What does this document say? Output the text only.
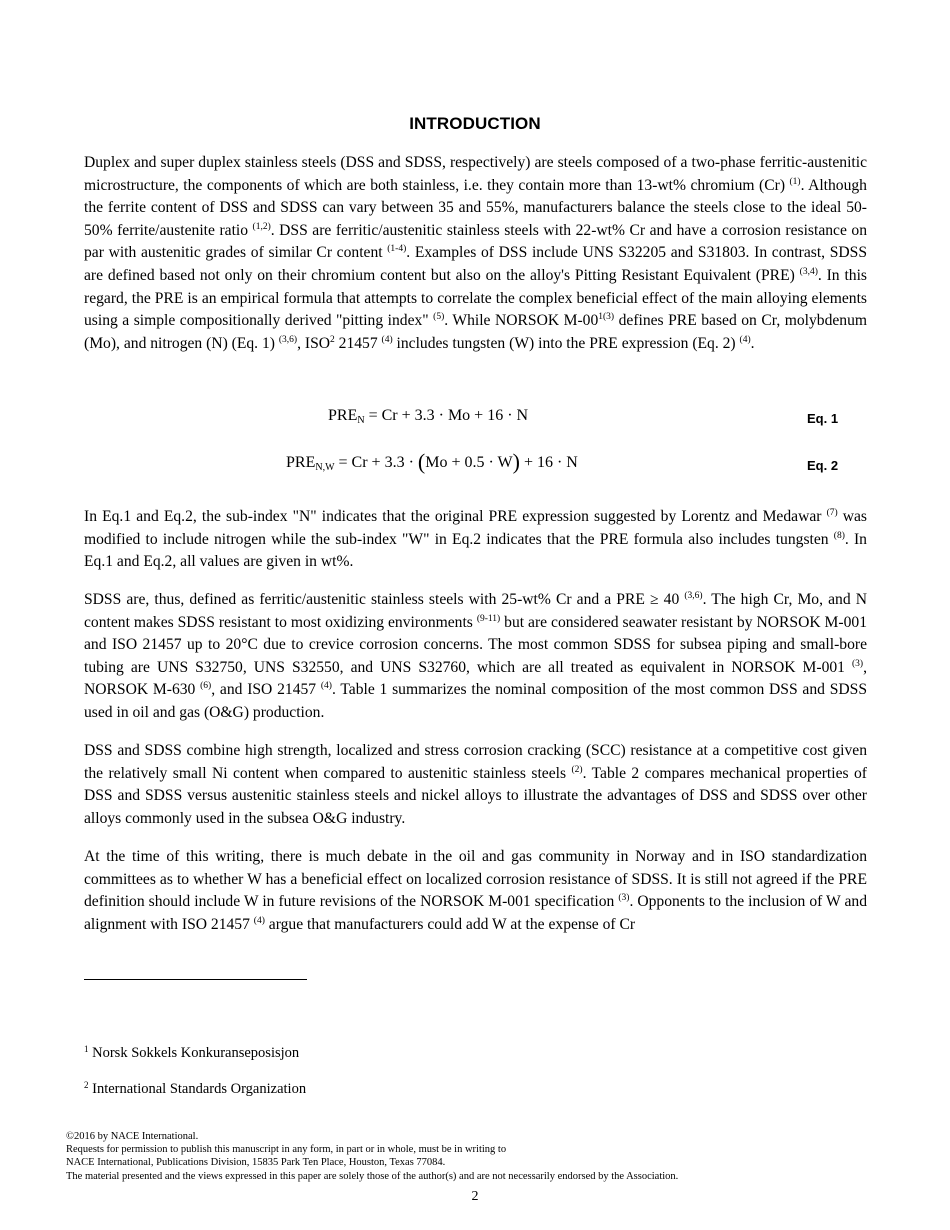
INTRODUCTION

Duplex and super duplex stainless steels (DSS and SDSS, respectively) are steels composed of a two-phase ferritic-austenitic microstructure, the components of which are both stainless, i.e. they contain more than 13-wt% chromium (Cr) $^{(1)}$. Although the ferrite content of DSS and SDSS can vary between 35 and 55%, manufacturers balance the steels close to the ideal 50-50% ferrite/austenite ratio $^{(1,2)}$. DSS are ferritic/austenitic stainless steels with 22-wt% Cr and have a corrosion resistance on par with austenitic grades of similar Cr content $^{(1-4)}$. Examples of DSS include UNS S32205 and S31803. In contrast, SDSS are defined based not only on their chromium content but also on the alloy's Pitting Resistant Equivalent (PRE) $^{(3,4)}$. In this regard, the PRE is an empirical formula that attempts to correlate the complex beneficial effect of the main alloying elements using a simple compositionally derived "pitting index" $^{(5)}$. While NORSOK $M-00^{1(3)}$ defines PRE based on Cr, molybdenum (Mo), and nitrogen (N) (Eq. 1) $^{(3,6)}$, ISO$^2$ 21457 $^{(4)}$ includes tungsten (W) into the PRE expression (Eq. 2) $^{(4)}$.

$PRE_N = Cr + 3.3 \cdot Mo + 16 \cdot N$	Eq. 1
$PRE_{N,W} = Cr + 3.3 \cdot (Mo + 0.5 \cdot W) + 16 \cdot N$	Eq. 2

In Eq.1 and Eq.2, the sub-index "N" indicates that the original PRE expression suggested by Lorentz and Medawar $^{(7)}$ was modified to include nitrogen while the sub-index "W" in Eq.2 indicates that the PRE formula also includes tungsten $^{(8)}$. In Eq.1 and Eq.2, all values are given in wt%.

SDSS are, thus, defined as ferritic/austenitic stainless steels with 25-wt% Cr and a PRE ≥ 40 $^{(3,6)}$. The high Cr, Mo, and N content makes SDSS resistant to most oxidizing environments $^{(9-11)}$ but are considered seawater resistant by NORSOK M-001 and ISO 21457 up to 20°C due to crevice corrosion concerns. The most common SDSS for subsea piping and small-bore tubing are UNS S32750, UNS S32550, and UNS S32760, which are all treated as equivalent in NORSOK M-001 $^{(3)}$, NORSOK M-630 $^{(6)}$, and ISO 21457 $^{(4)}$. Table 1 summarizes the nominal composition of the most common DSS and SDSS used in oil and gas (O&G) production.

DSS and SDSS combine high strength, localized and stress corrosion cracking (SCC) resistance at a competitive cost given the relatively small Ni content when compared to austenitic stainless steels $^{(2)}$. Table 2 compares mechanical properties of DSS and SDSS versus austenitic stainless steels and nickel alloys to illustrate the advantages of DSS and SDSS over other alloys commonly used in the subsea O&G industry.

At the time of this writing, there is much debate in the oil and gas community in Norway and in ISO standardization committees as to whether W has a beneficial effect on localized corrosion resistance of SDSS. It is still not agreed if the PRE definition should include W in future revisions of the NORSOK M-001 specification $^{(3)}$. Opponents to the inclusion of W and alignment with ISO 21457 $^{(4)}$ argue that manufacturers could add W at the expense of Cr

$^1$ Norsk Sokkels Konkuranseposisjon
$^2$ International Standards Organization
©2016 by NACE International.
Requests for permission to publish this manuscript in any form, in part or in whole, must be in writing to
NACE International, Publications Division, 15835 Park Ten Place, Houston, Texas 77084.
The material presented and the views expressed in this paper are solely those of the author(s) and are not necessarily endorsed by the Association.
2
